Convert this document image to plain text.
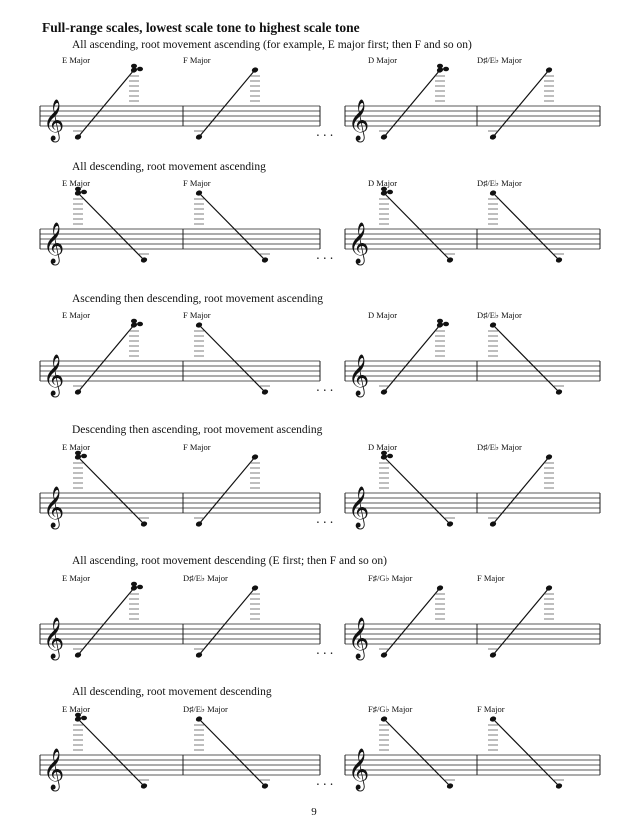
Full-range scales, lowest scale tone to highest scale tone
All ascending, root movement ascending (for example, E major first; then F and so on)
All descending, root movement ascending
Ascending then descending, root movement ascending
Descending then ascending, root movement ascending
All ascending, root movement descending (E first; then F and so on)
All descending, root movement descending
𝄞	𝄞
...
𝄞	𝄞
...
𝄞	𝄞
...
𝄞	𝄞
...
𝄞	𝄞
...
𝄞	𝄞
...
9
E Major	F Major	D Major	D♯/E♭ Major
E Major	F Major	D Major	D♯/E♭ Major
E Major	F Major	D Major	D♯/E♭ Major
E Major	F Major	D Major	D♯/E♭ Major
E Major	D♯/E♭ Major	F♯/G♭ Major	F Major
E Major	D♯/E♭ Major	F♯/G♭ Major	F Major
